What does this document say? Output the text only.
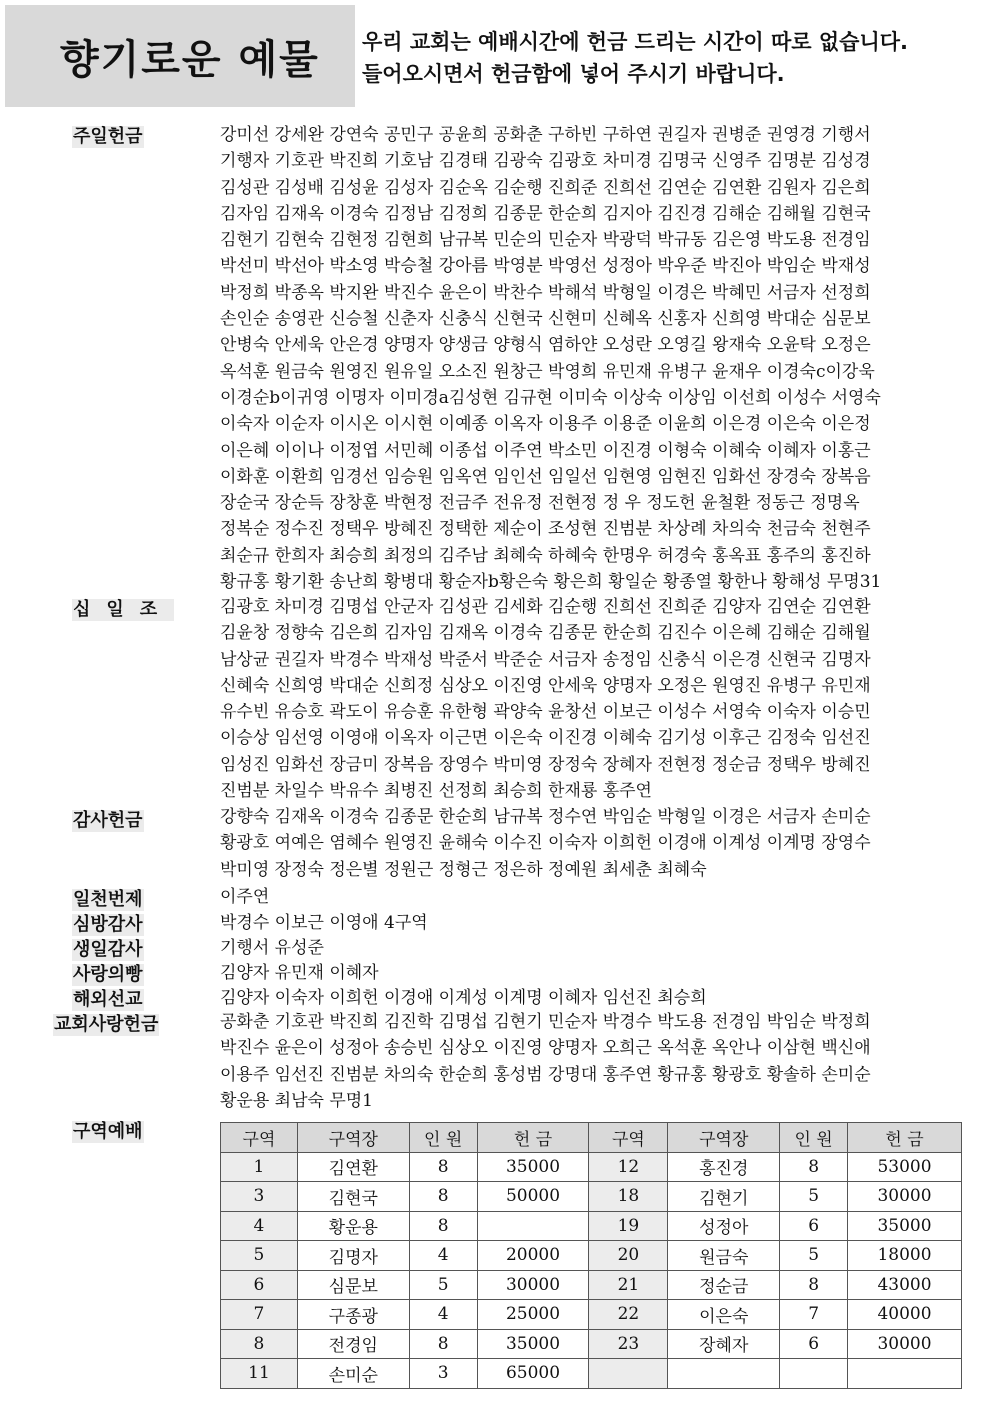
향기로운 예물 우리 교회는 예배시간에 헌금 드리는 시간이 따로 없습니다.
들어오시면서 헌금함에 넣어 주시기 바랍니다.
주일헌금	강미선 강세완 강연숙 공민구 공윤희 공화춘 구하빈 구하연 권길자 권병준 권영경 기행서
기행자 기호관 박진희 기호남 김경태 김광숙 김광호 차미경 김명국 신영주 김명분 김성경
김성관 김성배 김성윤 김성자 김순옥 김순행 진희준 진희선 김연순 김연환 김원자 김은희
김자임 김재옥 이경숙 김정남 김정희 김종문 한순희 김지아 김진경 김해순 김해월 김현국
김현기 김현숙 김현정 김현희 남규복 민순의 민순자 박광덕 박규동 김은영 박도용 전경임
박선미 박선아 박소영 박승철 강아름 박영분 박영선 성정아 박우준 박진아 박임순 박재성
박정희 박종옥 박지완 박진수 윤은이 박찬수 박해석 박형일 이경은 박혜민 서금자 선정희
손인순 송영관 신승철 신춘자 신충식 신현국 신현미 신혜옥 신홍자 신희영 박대순 심문보
안병숙 안세욱 안은경 양명자 양생금 양형식 염하얀 오성란 오영길 왕재숙 오윤탁 오정은
옥석훈 원금숙 원영진 원유일 오소진 원창근 박영희 유민재 유병구 윤재우 이경숙c이강욱
이경순b이귀영 이명자 이미경a김성현 김규현 이미숙 이상숙 이상임 이선희 이성수 서영숙
이숙자 이순자 이시온 이시현 이예종 이옥자 이용주 이용준 이윤희 이은경 이은숙 이은정
이은혜 이이나 이정엽 서민혜 이종섭 이주연 박소민 이진경 이형숙 이혜숙 이혜자 이홍근
이화훈 이환희 임경선 임승원 임옥연 임인선 임일선 임현영 임현진 임화선 장경숙 장복음
장순국 장순득 장창훈 박현정 전금주 전유정 전현정 정 우 정도헌 윤철환 정동근 정명옥
정복순 정수진 정택우 방혜진 정택한 제순이 조성현 진범분 차상례 차의숙 천금숙 천현주
최순규 한희자 최승희 최정의 김주남 최혜숙 하혜숙 한명우 허경숙 홍옥표 홍주의 홍진하
황규홍 황기환 송난희 황병대 황순자b황은숙 황은희 황일순 황종열 황한나 황해성 무명31
십일조	김광호 차미경 김명섭 안군자 김성관 김세화 김순행 진희선 진희준 김양자 김연순 김연환
김윤창 정향숙 김은희 김자임 김재옥 이경숙 김종문 한순희 김진수 이은혜 김해순 김해월
남상균 권길자 박경수 박재성 박준서 박준순 서금자 송정임 신충식 이은경 신현국 김명자
신혜숙 신희영 박대순 신희정 심상오 이진영 안세욱 양명자 오정은 원영진 유병구 유민재
유수빈 유승호 곽도이 유승훈 유한형 곽양숙 윤창선 이보근 이성수 서영숙 이숙자 이승민
이승상 임선영 이영애 이옥자 이근면 이은숙 이진경 이혜숙 김기성 이후근 김정숙 임선진
임성진 임화선 장금미 장복음 장영수 박미영 장정숙 장혜자 전현정 정순금 정택우 방혜진
진범분 차일수 박유수 최병진 선정희 최승희 한재룡 홍주연
감사헌금	강향숙 김재옥 이경숙 김종문 한순희 남규복 정수연 박임순 박형일 이경은 서금자 손미순
황광호 여예은 염혜수 원영진 윤해숙 이수진 이숙자 이희헌 이경애 이계성 이계명 장영수
박미영 장정숙 정은별 정원근 정형근 정은하 정예원 최세춘 최혜숙
일천번제	이주연
심방감사	박경수 이보근 이영애 4구역
생일감사	기행서 유성준
사랑의빵	김양자 유민재 이혜자
해외선교	김양자 이숙자 이희헌 이경애 이계성 이계명 이혜자 임선진 최승희
교회사랑헌금	공화춘 기호관 박진희 김진학 김명섭 김현기 민순자 박경수 박도용 전경임 박임순 박정희
박진수 윤은이 성정아 송승빈 심상오 이진영 양명자 오희근 옥석훈 옥안나 이삼현 백신애
이용주 임선진 진범분 차의숙 한순희 홍성범 강명대 홍주연 황규홍 황광호 황솔하 손미순
황운용 최남숙 무명1
구역예배	구역	구역장	인 원	헌 금	구역	구역장	인 원	헌 금
1	김연환	8	35000	12	홍진경	8	53000
3	김현국	8	50000	18	김현기	5	30000
4	황운용	8		19	성정아	6	35000
5	김명자	4	20000	20	원금숙	5	18000
6	심문보	5	30000	21	정순금	8	43000
7	구종광	4	25000	22	이은숙	7	40000
8	전경임	8	35000	23	장혜자	6	30000
11	손미순	3	65000				
